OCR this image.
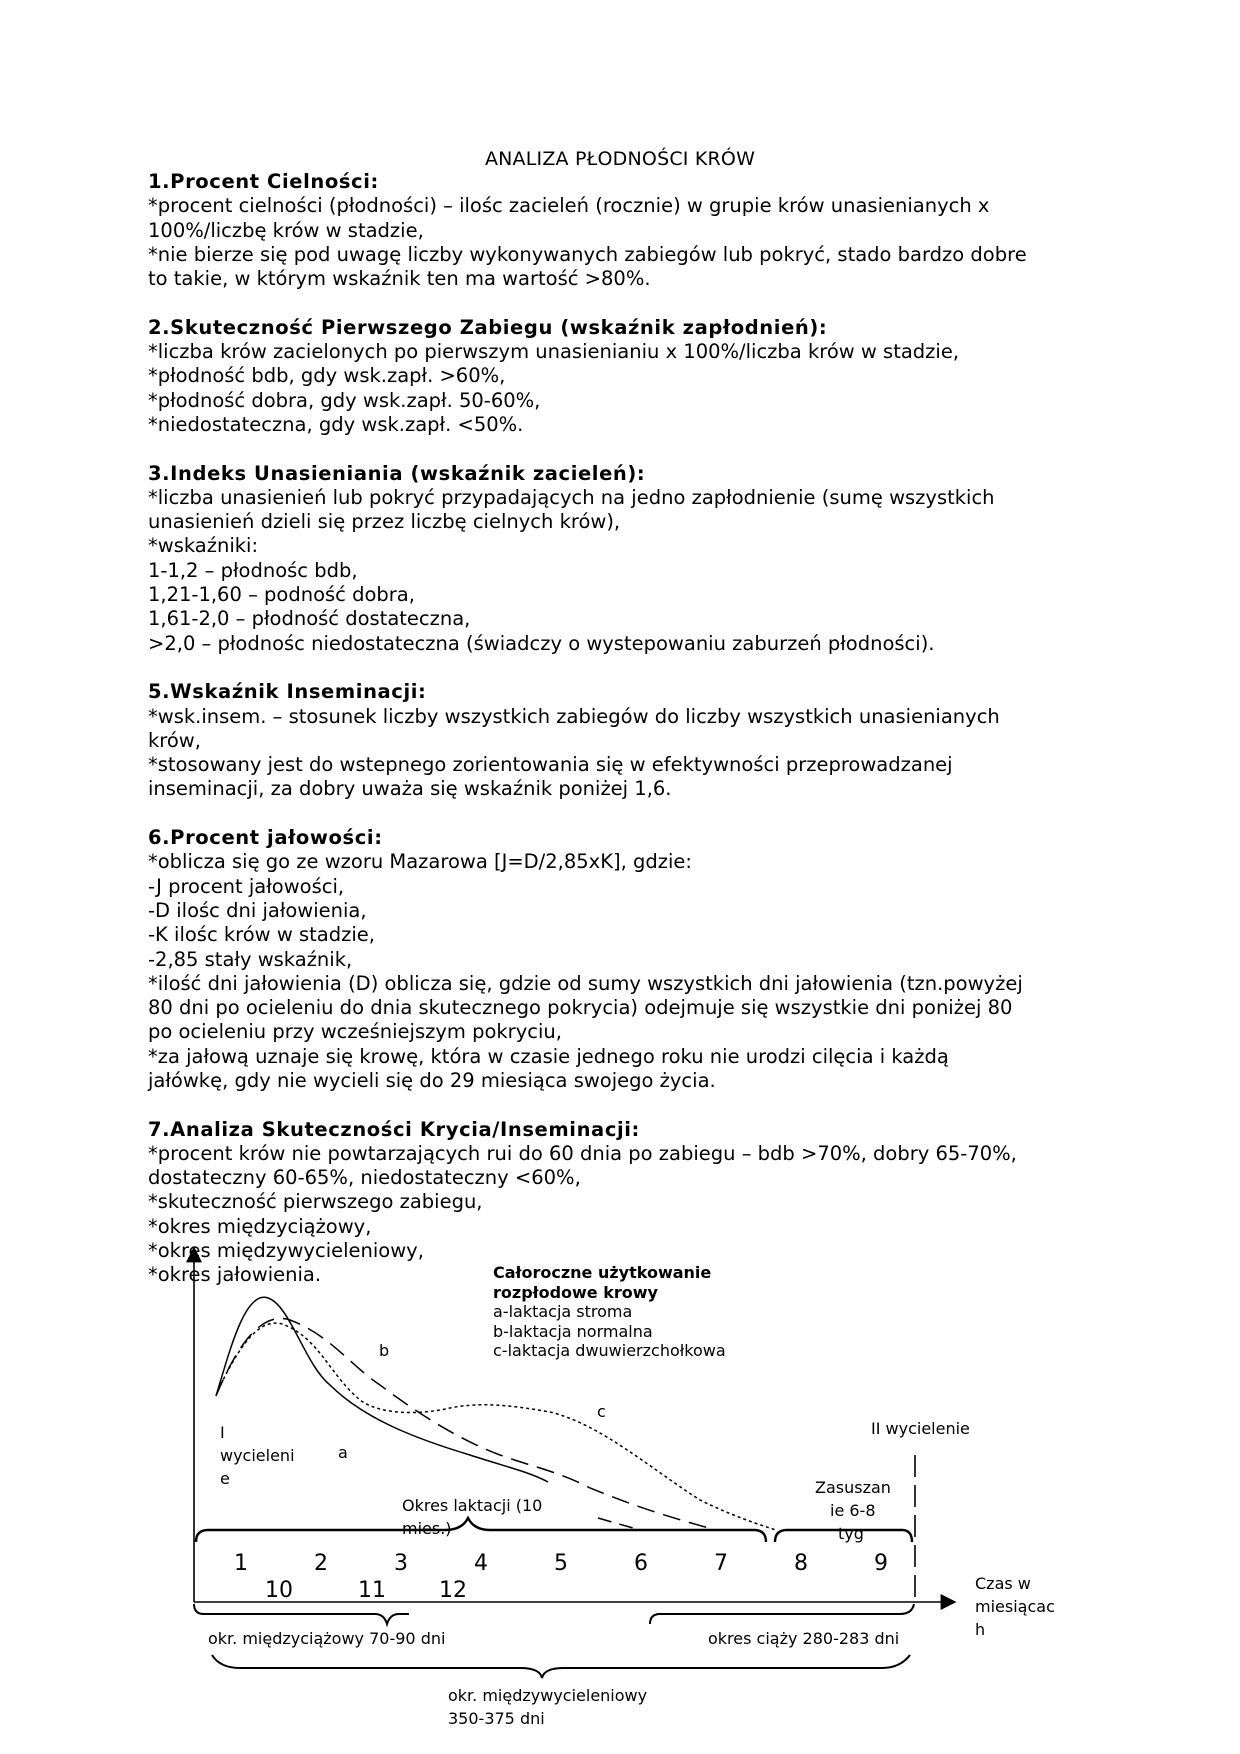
ANALIZA PŁODNOŚCI KRÓW
1.Procent Cielności:

*procent cielności (płodności) – ilośc zacieleń (rocznie) w grupie krów unasienianych x

100%/liczbę krów w stadzie,

*nie bierze się pod uwagę liczby wykonywanych zabiegów lub pokryć, stado bardzo dobre

to takie, w którym wskaźnik ten ma wartość >80%.

2.Skuteczność Pierwszego Zabiegu (wskaźnik zapłodnień):

*liczba krów zacielonych po pierwszym unasienianiu x 100%/liczba krów w stadzie,

*płodność bdb, gdy wsk.zapł. >60%,

*płodność dobra, gdy wsk.zapł. 50-60%,

*niedostateczna, gdy wsk.zapł. <50%.

3.Indeks Unasieniania (wskaźnik zacieleń):

*liczba unasienień lub pokryć przypadających na jedno zapłodnienie (sumę wszystkich

unasienień dzieli się przez liczbę cielnych krów),

*wskaźniki:

1-1,2 – płodnośc bdb,

1,21-1,60 – podność dobra,

1,61-2,0 – płodność dostateczna,

>2,0 – płodnośc niedostateczna (świadczy o wystepowaniu zaburzeń płodności).

5.Wskaźnik Inseminacji:

*wsk.insem. – stosunek liczby wszystkich zabiegów do liczby wszystkich unasienianych

krów,

*stosowany jest do wstepnego zorientowania się w efektywności przeprowadzanej

inseminacji, za dobry uważa się wskaźnik poniżej 1,6.

6.Procent jałowości:

*oblicza się go ze wzoru Mazarowa [J=D/2,85xK], gdzie:

-J procent jałowości,

-D ilośc dni jałowienia,

-K ilośc krów w stadzie,

-2,85 stały wskaźnik,

*ilość dni jałowienia (D) oblicza się, gdzie od sumy wszystkich dni jałowienia (tzn.powyżej

80 dni po ocieleniu do dnia skutecznego pokrycia) odejmuje się wszystkie dni poniżej 80

po ocieleniu przy wcześniejszym pokryciu,

*za jałową uznaje się krowę, która w czasie jednego roku nie urodzi cilęcia i każdą

jałówkę, gdy nie wycieli się do 29 miesiąca swojego życia.

7.Analiza Skuteczności Krycia/Inseminacji:

*procent krów nie powtarzających rui do 60 dnia po zabiegu – bdb >70%, dobry 65-70%,

dostateczny 60-65%, niedostateczny <60%,

*skuteczność pierwszego zabiegu,

*okres międzyciążowy,

*okres międzywycieleniowy,

*okres jałowienia.	Całoroczne użytkowanie
rozpłodowe krowy
a-laktacja stroma
b-laktacja normalna
c-laktacja dwuwierzchołkowa
b
c
a
I
wycieleni
e
II wycielenie
Okres laktacji (10
mies.)
Zasuszan
ie 6-8
tyg
1	2	3	4	5	6	7	8	9
10	11 12	Czas w
miesiącac
h
okr. międzyciążowy 70-90 dni	okres ciąży 280-283 dni
okr. międzywycieleniowy
350-375 dni
